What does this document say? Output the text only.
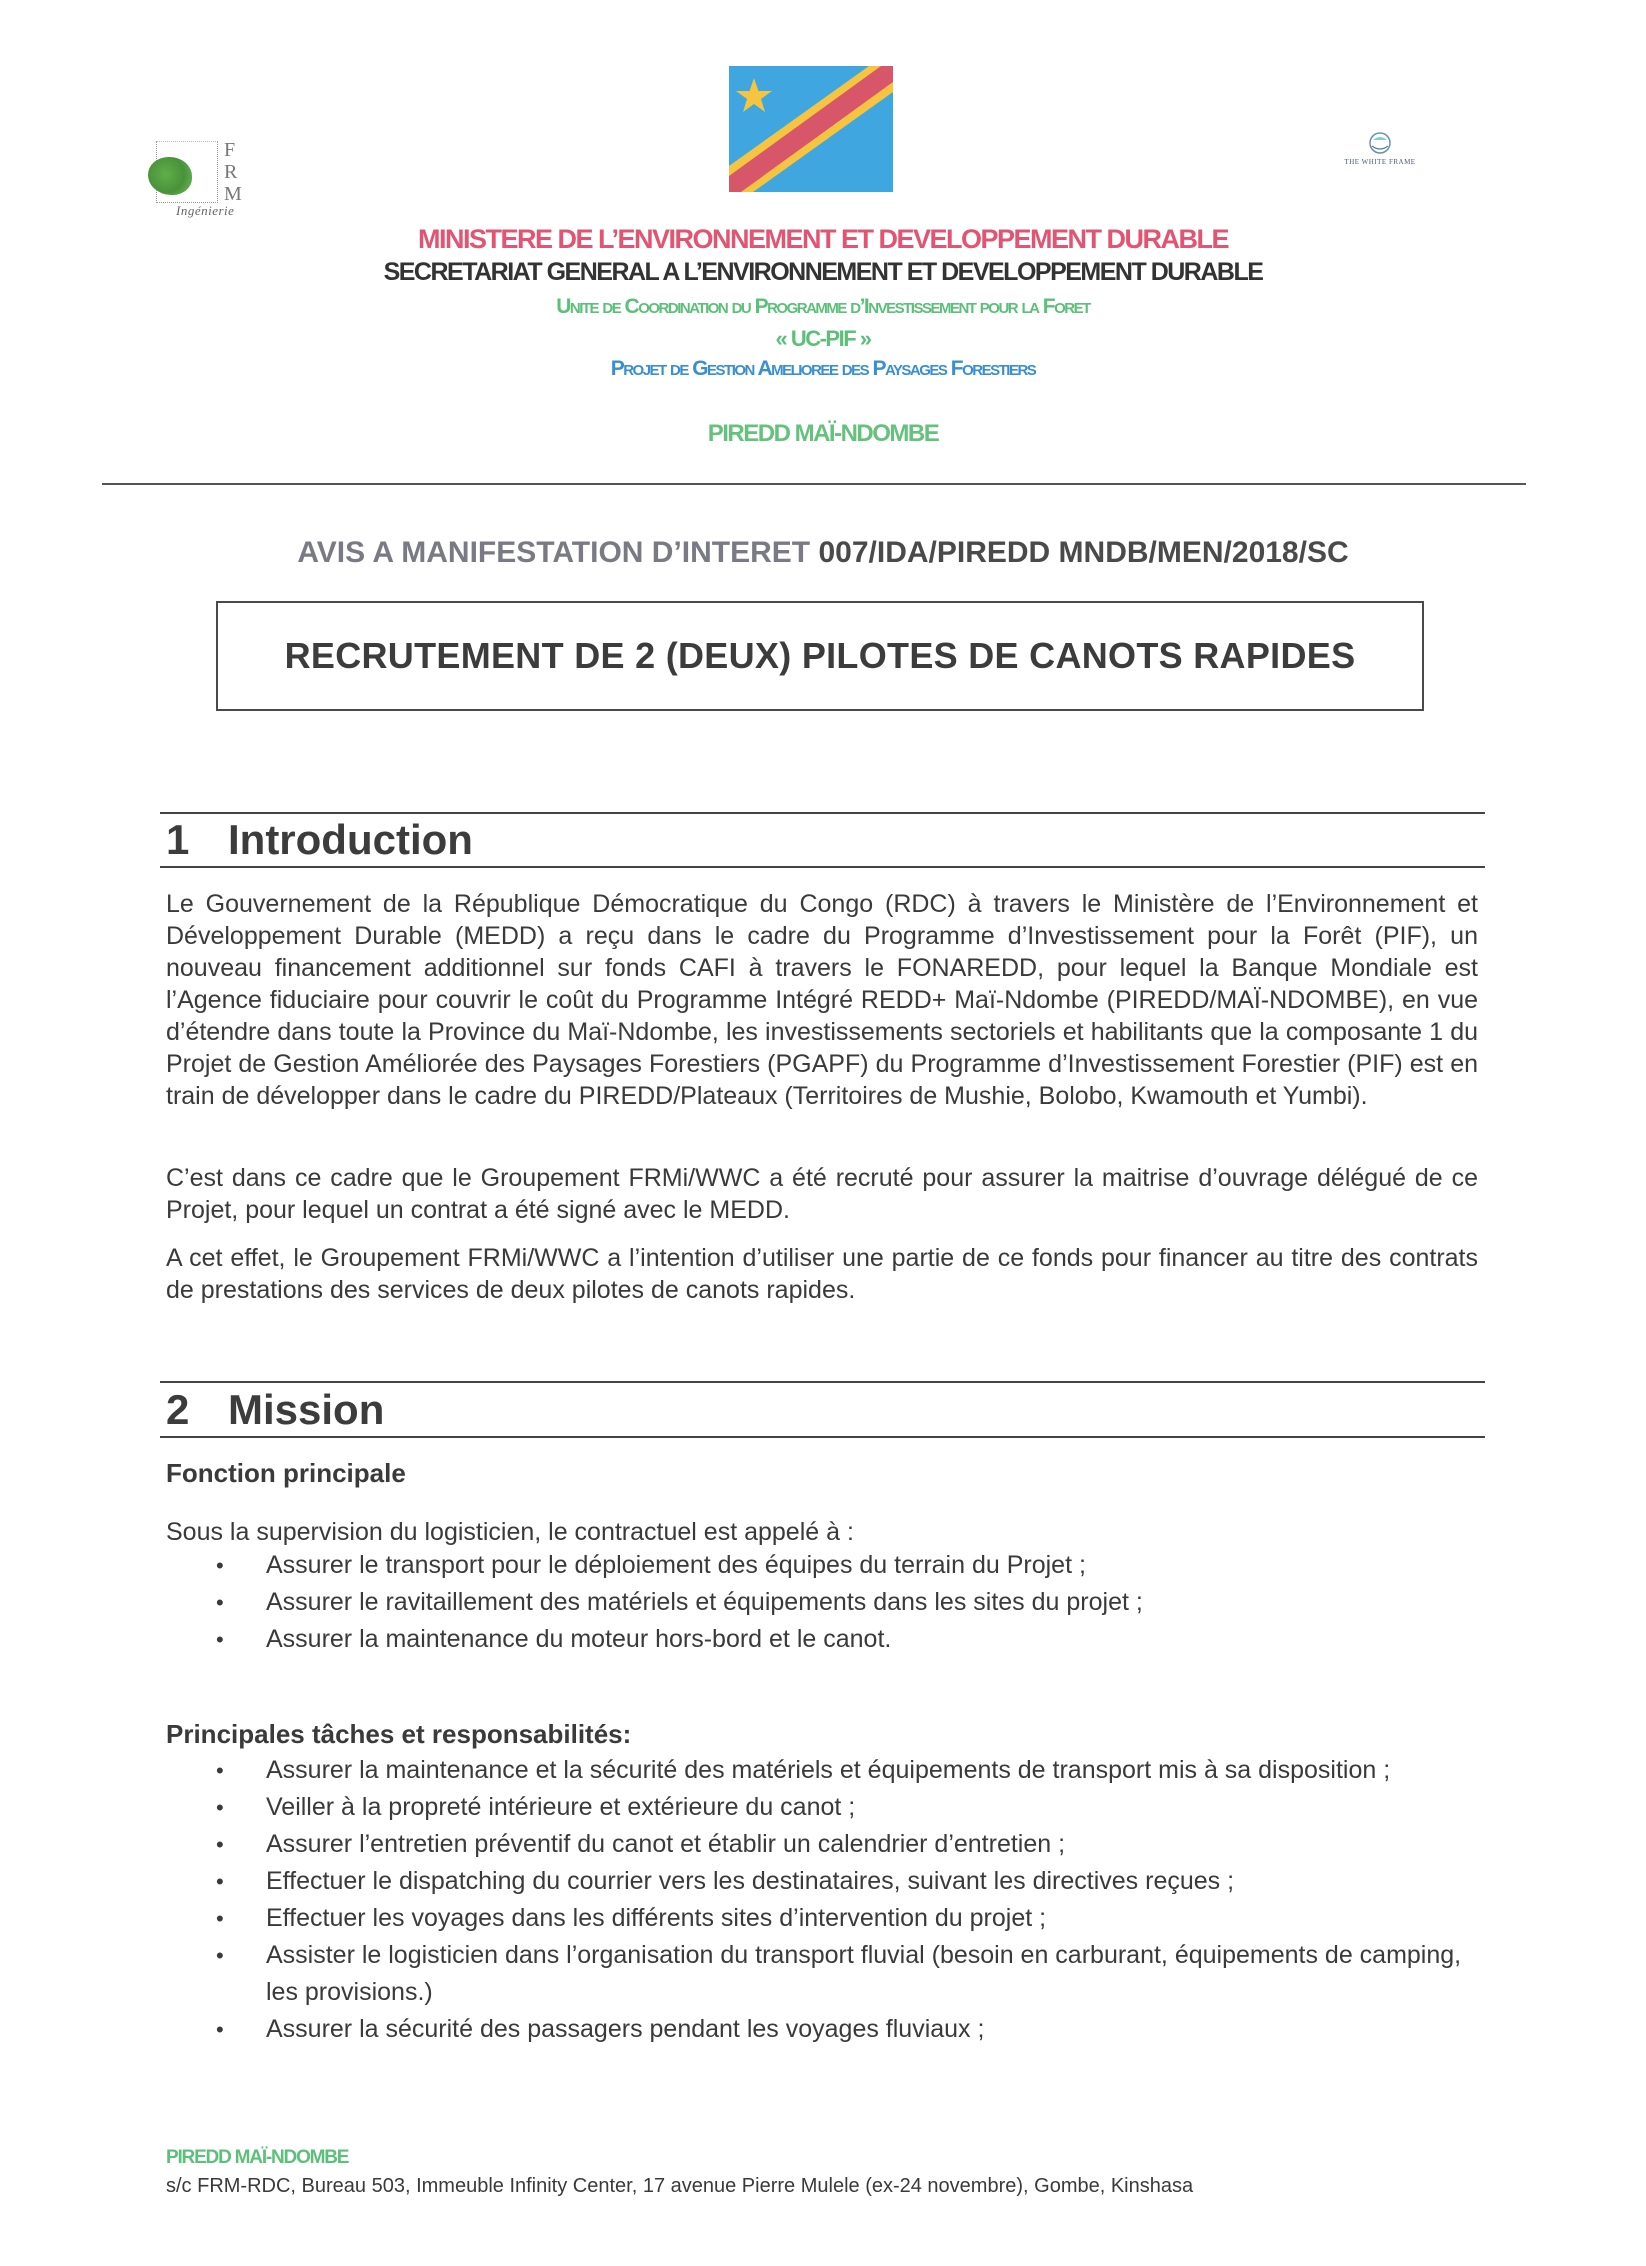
F
R
M
Ingénierie
THE WHITE FRAME
MINISTERE DE L’ENVIRONNEMENT ET DEVELOPPEMENT DURABLE
SECRETARIAT GENERAL A L’ENVIRONNEMENT ET DEVELOPPEMENT DURABLE
Unite de Coordination du Programme d’Investissement pour la Foret
« UC-PIF »
Projet de Gestion Amelioree des Paysages Forestiers
PIREDD MAÏ-NDOMBE
AVIS A MANIFESTATION D’INTERET 007/IDA/PIREDD MNDB/MEN/2018/SC
RECRUTEMENT DE 2 (DEUX) PILOTES DE CANOTS RAPIDES
1 Introduction
Le Gouvernement de la République Démocratique du Congo (RDC) à travers le Ministère de l’Environnement et Développement Durable (MEDD) a reçu dans le cadre du Programme d’Investissement pour la Forêt (PIF), un nouveau financement additionnel sur fonds CAFI à travers le FONAREDD, pour lequel la Banque Mondiale est l’Agence fiduciaire pour couvrir le coût du Programme Intégré REDD+ Maï-Ndombe (PIREDD/MAÏ-NDOMBE), en vue d’étendre dans toute la Province du Maï-Ndombe, les investissements sectoriels et habilitants que la composante 1 du Projet de Gestion Améliorée des Paysages Forestiers (PGAPF) du Programme d’Investissement Forestier (PIF) est en train de développer dans le cadre du PIREDD/Plateaux (Territoires de Mushie, Bolobo, Kwamouth et Yumbi).
C’est dans ce cadre que le Groupement FRMi/WWC a été recruté pour assurer la maitrise d’ouvrage délégué de ce Projet, pour lequel un contrat a été signé avec le MEDD.
A cet effet, le Groupement FRMi/WWC a l’intention d’utiliser une partie de ce fonds pour financer au titre des contrats de prestations des services de deux pilotes de canots rapides.
2 Mission
Fonction principale
Sous la supervision du logisticien, le contractuel est appelé à :
• Assurer le transport pour le déploiement des équipes du terrain du Projet ;
• Assurer le ravitaillement des matériels et équipements dans les sites du projet ;
• Assurer la maintenance du moteur hors-bord et le canot.
Principales tâches et responsabilités:
• Assurer la maintenance et la sécurité des matériels et équipements de transport mis à sa disposition ;
• Veiller à la propreté intérieure et extérieure du canot ;
• Assurer l’entretien préventif du canot et établir un calendrier d’entretien ;
• Effectuer le dispatching du courrier vers les destinataires, suivant les directives reçues ;
• Effectuer les voyages dans les différents sites d’intervention du projet ;
• Assister le logisticien dans l’organisation du transport fluvial (besoin en carburant, équipements de camping, les provisions.)
• Assurer la sécurité des passagers pendant les voyages fluviaux ;
PIREDD MAÏ-NDOMBE
s/c FRM-RDC, Bureau 503, Immeuble Infinity Center, 17 avenue Pierre Mulele (ex-24 novembre), Gombe, Kinshasa
